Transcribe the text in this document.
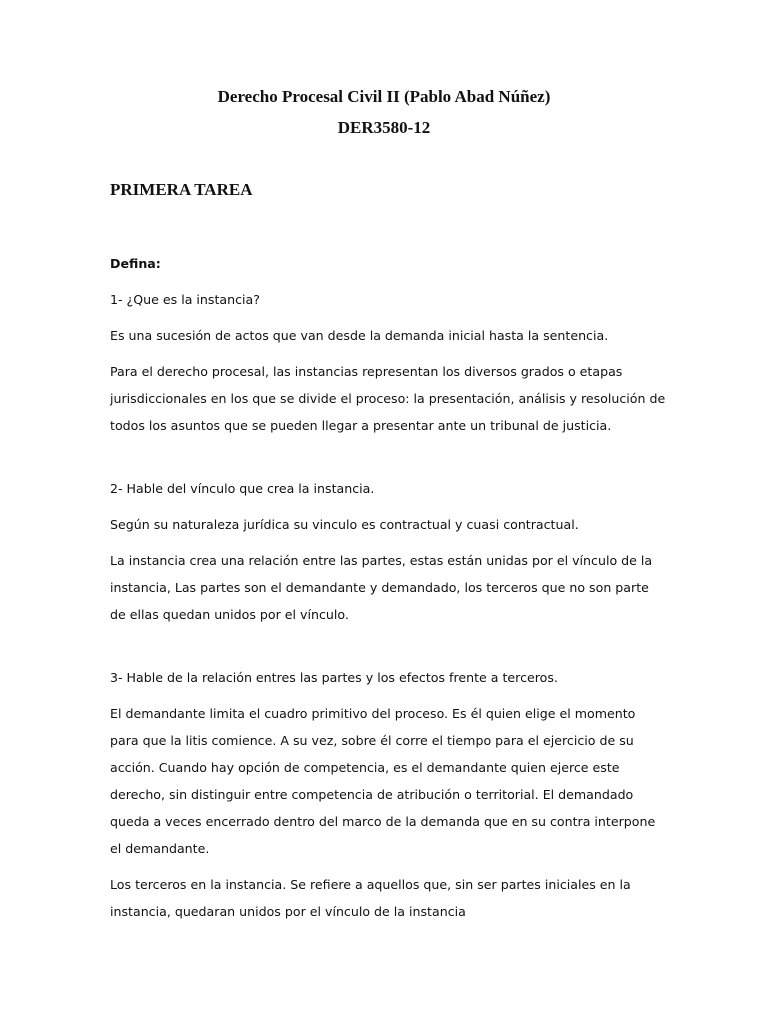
Derecho Procesal Civil II (Pablo Abad Núñez)
DER3580-12
PRIMERA TAREA

Defina:

1- ¿Que es la instancia?

Es una sucesión de actos que van desde la demanda inicial hasta la sentencia.

Para el derecho procesal, las instancias representan los diversos grados o etapas jurisdiccionales en los que se divide el proceso: la presentación, análisis y resolución de todos los asuntos que se pueden llegar a presentar ante un tribunal de justicia.

2- Hable del vínculo que crea la instancia.

Según su naturaleza jurídica su vinculo es contractual y cuasi contractual.

La instancia crea una relación entre las partes, estas están unidas por el vínculo de la instancia, Las partes son el demandante y demandado, los terceros que no son parte de ellas quedan unidos por el vínculo.

3- Hable de la relación entres las partes y los efectos frente a terceros.

El demandante limita el cuadro primitivo del proceso. Es él quien elige el momento para que la litis comience. A su vez, sobre él corre el tiempo para el ejercicio de su acción. Cuando hay opción de competencia, es el demandante quien ejerce este derecho, sin distinguir entre competencia de atribución o territorial. El demandado queda a veces encerrado dentro del marco de la demanda que en su contra interpone el demandante.

Los terceros en la instancia. Se refiere a aquellos que, sin ser partes iniciales en la instancia, quedaran unidos por el vínculo de la instancia
